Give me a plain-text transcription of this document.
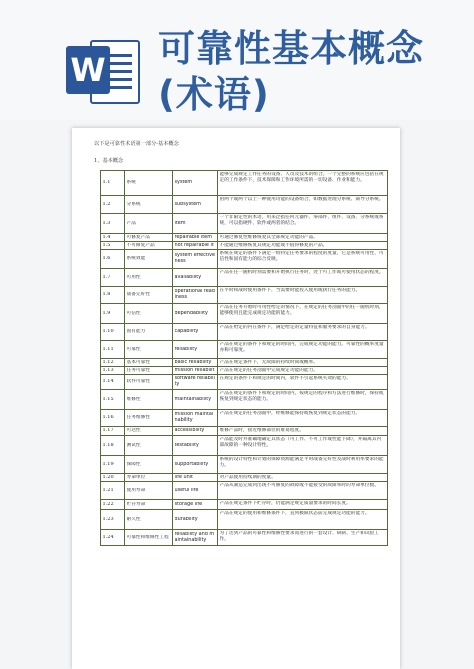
W 可靠性基本概念(术语)
以下是可靠性术语第一部分-基本概念
1、基本概念
1.1	系统	system	能够完成规定工作任务的设备、人员及技术的组合。一个完整的系统应包括在规定的工作条件下，技术保障和工作环境所需的一切设备、作业和能力。

1.2	分系统	subsystem	由两个或两个以上一种使用功能的设备组合，如数据处理分系统、制导分系统。

1.3	产品	item	一个非限定性的术语，用来泛指任何元器件、零部件、组件、设备、分系统或系统，可以指硬件、软件或两者的结合。

1.4	可修复产品	repairable item	可通过修复性维修恢复其全部规定功能的产品。

1.5	不可修复产品	not repairable it	不能通过维修恢复其规定功能或不值得修复的产品。

1.6	系统效能	system effectiveness	系统在规定的条件下满足一组特定任务要求的程度的度量，它是系统可用性、可信性和固有能力的综合反映。

1.7	可用性	availability	产品在任一随机时刻需要和开始执行任务时，处于可工作或可使用状态的程度。

1.8	战备完好性	operational readiness	在平时和战时使用条件下，当需要时能投入使用或执行任务的能力。

1.9	可信性	dependability	产品在任务开始时可用性给定的情况下，在规定的任务剖面中的任一随机时刻，能够使用且能完成规定功能的能力。

1.10	固有能力	capability	产品在给定的内在条件下，满足给定的定量特征和服务要求的自身能力。

1.11	可靠性	reliability	产品在规定的条件下和规定的时间内，完成规定功能的能力。可靠性的概率度量亦称可靠度。

1.12	基本可靠性	basic reliability	产品在规定条件下，无故障的持续时间或概率。

1.13	任务可靠性	mission reliabilit	产品在规定的任务剖面中完成规定功能的能力。

1.14	软件可靠性	software reliability	在规定的条件下和规定的时间内，软件不引起系统失效的能力。

1.15	维修性	maintainability	产品在规定的条件下和规定的时间内，按规定的程序和方法进行维修时，保持或恢复到规定状态的能力。

1.16	任务维修性	mission maintainability	产品在规定的任务剖面中，经维修能保持或恢复到规定状态的能力。

1.17	可达性	accessibility	维修产品时，接近维修部位的难易程度。

1.18	测试性	testability	产品能及时并准确地确定其状态（可工作、不可工作或性能下降），并隔离其内部故障的一种设计特性。

1.19	保障性	supportability	系统的设计特性和计划的保障资源能满足平时战备完好性及战时利用率要求的能力。

1.20	寿命单位	life unit	对产品使用持续期的度量。

1.21	使用寿命	useful life	产品从制造完成到出现不可修复的故障或不能接受的故障率时的寿命单位数。

1.22	贮存寿命	storage life	产品在规定条件下贮存时，仍能满足规定质量要求的时间长度。

1.23	耐久性	durability	产品在规定的使用和维修条件下，直到极限状态前完成规定功能的能力。

1.24	可靠性和维修性工程	reliability and maintainability	为了达到产品的可靠性和维修性要求而进行的一套设计、研制、生产和试验工作。
